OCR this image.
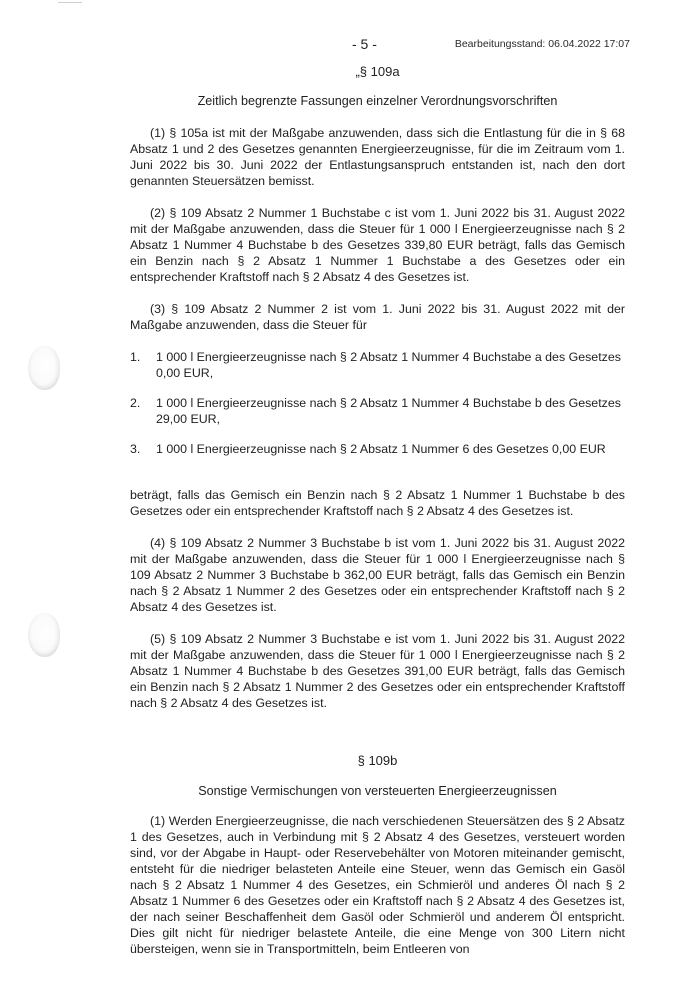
- 5 -	Bearbeitungsstand: 06.04.2022 17:07

„§ 109a

Zeitlich begrenzte Fassungen einzelner Verordnungsvorschriften

(1) § 105a ist mit der Maßgabe anzuwenden, dass sich die Entlastung für die in § 68 Absatz 1 und 2 des Gesetzes genannten Energieerzeugnisse, für die im Zeitraum vom 1. Juni 2022 bis 30. Juni 2022 der Entlastungsanspruch entstanden ist, nach den dort genannten Steuersätzen bemisst.

(2) § 109 Absatz 2 Nummer 1 Buchstabe c ist vom 1. Juni 2022 bis 31. August 2022 mit der Maßgabe anzuwenden, dass die Steuer für 1 000 l Energieerzeugnisse nach § 2 Absatz 1 Nummer 4 Buchstabe b des Gesetzes 339,80 EUR beträgt, falls das Gemisch ein Benzin nach § 2 Absatz 1 Nummer 1 Buchstabe a des Gesetzes oder ein entsprechender Kraftstoff nach § 2 Absatz 4 des Gesetzes ist.

(3) § 109 Absatz 2 Nummer 2 ist vom 1. Juni 2022 bis 31. August 2022 mit der Maßgabe anzuwenden, dass die Steuer für

1. 1 000 l Energieerzeugnisse nach § 2 Absatz 1 Nummer 4 Buchstabe a des Gesetzes 0,00 EUR,
2. 1 000 l Energieerzeugnisse nach § 2 Absatz 1 Nummer 4 Buchstabe b des Gesetzes 29,00 EUR,
3. 1 000 l Energieerzeugnisse nach § 2 Absatz 1 Nummer 6 des Gesetzes 0,00 EUR

beträgt, falls das Gemisch ein Benzin nach § 2 Absatz 1 Nummer 1 Buchstabe b des Gesetzes oder ein entsprechender Kraftstoff nach § 2 Absatz 4 des Gesetzes ist.

(4) § 109 Absatz 2 Nummer 3 Buchstabe b ist vom 1. Juni 2022 bis 31. August 2022 mit der Maßgabe anzuwenden, dass die Steuer für 1 000 l Energieerzeugnisse nach § 109 Absatz 2 Nummer 3 Buchstabe b 362,00 EUR beträgt, falls das Gemisch ein Benzin nach § 2 Absatz 1 Nummer 2 des Gesetzes oder ein entsprechender Kraftstoff nach § 2 Absatz 4 des Gesetzes ist.

(5) § 109 Absatz 2 Nummer 3 Buchstabe e ist vom 1. Juni 2022 bis 31. August 2022 mit der Maßgabe anzuwenden, dass die Steuer für 1 000 l Energieerzeugnisse nach § 2 Absatz 1 Nummer 4 Buchstabe b des Gesetzes 391,00 EUR beträgt, falls das Gemisch ein Benzin nach § 2 Absatz 1 Nummer 2 des Gesetzes oder ein entsprechender Kraftstoff nach § 2 Absatz 4 des Gesetzes ist.

§ 109b

Sonstige Vermischungen von versteuerten Energieerzeugnissen

(1) Werden Energieerzeugnisse, die nach verschiedenen Steuersätzen des § 2 Absatz 1 des Gesetzes, auch in Verbindung mit § 2 Absatz 4 des Gesetzes, versteuert worden sind, vor der Abgabe in Haupt- oder Reservebehälter von Motoren miteinander gemischt, entsteht für die niedriger belasteten Anteile eine Steuer, wenn das Gemisch ein Gasöl nach § 2 Absatz 1 Nummer 4 des Gesetzes, ein Schmieröl und anderes Öl nach § 2 Absatz 1 Nummer 6 des Gesetzes oder ein Kraftstoff nach § 2 Absatz 4 des Gesetzes ist, der nach seiner Beschaffenheit dem Gasöl oder Schmieröl und anderem Öl entspricht. Dies gilt nicht für niedriger belastete Anteile, die eine Menge von 300 Litern nicht übersteigen, wenn sie in Transportmitteln, beim Entleeren von
